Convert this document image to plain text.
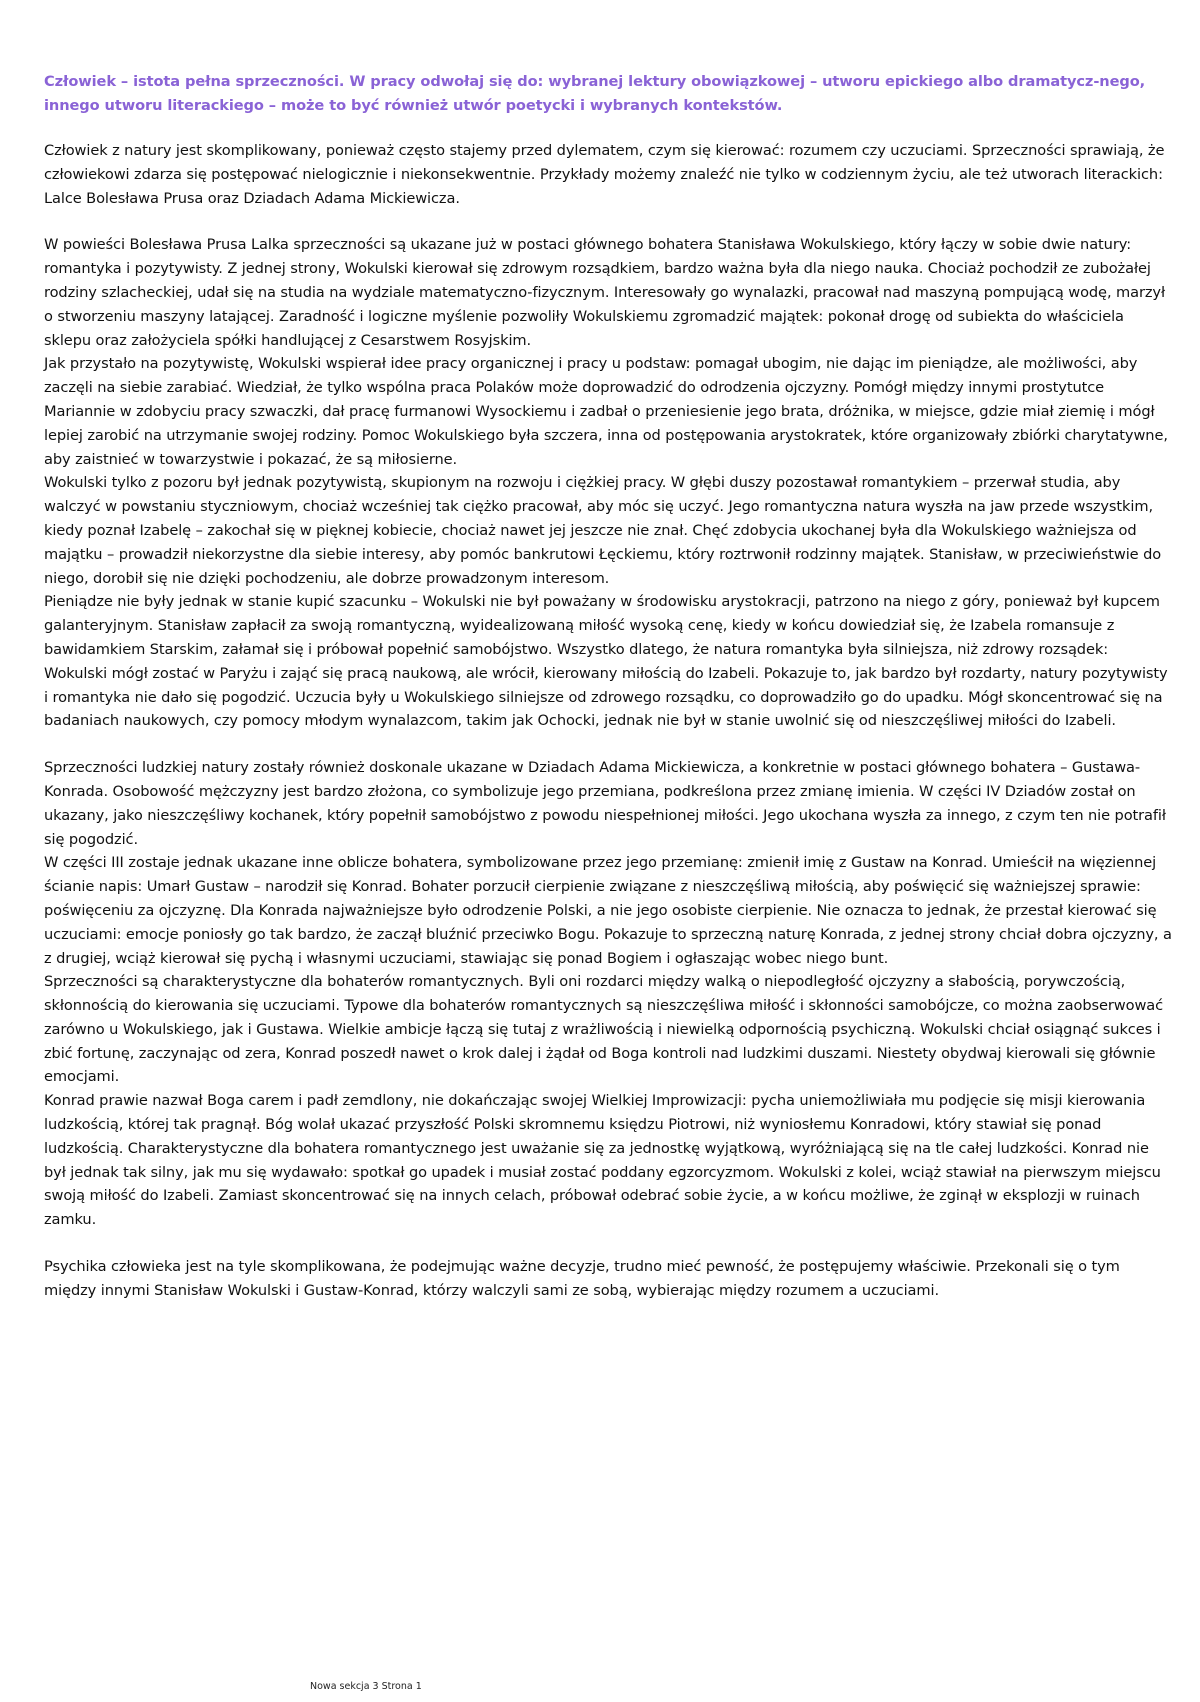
Człowiek – istota pełna sprzeczności. W pracy odwołaj się do: wybranej lektury obowiązkowej – utworu epickiego albo dramatycz-nego, innego utworu literackiego – może to być również utwór poetycki i wybranych kontekstów.

Człowiek z natury jest skomplikowany, ponieważ często stajemy przed dylematem, czym się kierować: rozumem czy uczuciami. Sprzeczności sprawiają, że człowiekowi zdarza się postępować nielogicznie i niekonsekwentnie. Przykłady możemy znaleźć nie tylko w codziennym życiu, ale też utworach literackich: Lalce Bolesława Prusa oraz Dziadach Adama Mickiewicza.

W powieści Bolesława Prusa Lalka sprzeczności są ukazane już w postaci głównego bohatera Stanisława Wokulskiego, który łączy w sobie dwie natury: romantyka i pozytywisty. Z jednej strony, Wokulski kierował się zdrowym rozsądkiem, bardzo ważna była dla niego nauka. Chociaż pochodził ze zubożałej rodziny szlacheckiej, udał się na studia na wydziale matematyczno-fizycznym. Interesowały go wynalazki, pracował nad maszyną pompującą wodę, marzył o stworzeniu maszyny latającej. Zaradność i logiczne myślenie pozwoliły Wokulskiemu zgromadzić majątek: pokonał drogę od subiekta do właściciela sklepu oraz założyciela spółki handlującej z Cesarstwem Rosyjskim.

Jak przystało na pozytywistę, Wokulski wspierał idee pracy organicznej i pracy u podstaw: pomagał ubogim, nie dając im pieniądze, ale możliwości, aby zaczęli na siebie zarabiać. Wiedział, że tylko wspólna praca Polaków może doprowadzić do odrodzenia ojczyzny. Pomógł między innymi prostytutce Mariannie w zdobyciu pracy szwaczki, dał pracę furmanowi Wysockiemu i zadbał o przeniesienie jego brata, dróżnika, w miejsce, gdzie miał ziemię i mógł lepiej zarobić na utrzymanie swojej rodziny. Pomoc Wokulskiego była szczera, inna od postępowania arystokratek, które organizowały zbiórki charytatywne, aby zaistnieć w towarzystwie i pokazać, że są miłosierne.

Wokulski tylko z pozoru był jednak pozytywistą, skupionym na rozwoju i ciężkiej pracy. W głębi duszy pozostawał romantykiem – przerwał studia, aby walczyć w powstaniu styczniowym, chociaż wcześniej tak ciężko pracował, aby móc się uczyć. Jego romantyczna natura wyszła na jaw przede wszystkim, kiedy poznał Izabelę – zakochał się w pięknej kobiecie, chociaż nawet jej jeszcze nie znał. Chęć zdobycia ukochanej była dla Wokulskiego ważniejsza od majątku – prowadził niekorzystne dla siebie interesy, aby pomóc bankrutowi Łęckiemu, który roztrwonił rodzinny majątek. Stanisław, w przeciwieństwie do niego, dorobił się nie dzięki pochodzeniu, ale dobrze prowadzonym interesom.

Pieniądze nie były jednak w stanie kupić szacunku – Wokulski nie był poważany w środowisku arystokracji, patrzono na niego z góry, ponieważ był kupcem galanteryjnym. Stanisław zapłacił za swoją romantyczną, wyidealizowaną miłość wysoką cenę, kiedy w końcu dowiedział się, że Izabela romansuje z bawidamkiem Starskim, załamał się i próbował popełnić samobójstwo. Wszystko dlatego, że natura romantyka była silniejsza, niż zdrowy rozsądek: Wokulski mógł zostać w Paryżu i zająć się pracą naukową, ale wrócił, kierowany miłością do Izabeli. Pokazuje to, jak bardzo był rozdarty, natury pozytywisty i romantyka nie dało się pogodzić. Uczucia były u Wokulskiego silniejsze od zdrowego rozsądku, co doprowadziło go do upadku. Mógł skoncentrować się na badaniach naukowych, czy pomocy młodym wynalazcom, takim jak Ochocki, jednak nie był w stanie uwolnić się od nieszczęśliwej miłości do Izabeli.

Sprzeczności ludzkiej natury zostały również doskonale ukazane w Dziadach Adama Mickiewicza, a konkretnie w postaci głównego bohatera – Gustawa-Konrada. Osobowość mężczyzny jest bardzo złożona, co symbolizuje jego przemiana, podkreślona przez zmianę imienia. W części IV Dziadów został on ukazany, jako nieszczęśliwy kochanek, który popełnił samobójstwo z powodu niespełnionej miłości. Jego ukochana wyszła za innego, z czym ten nie potrafił się pogodzić.

W części III zostaje jednak ukazane inne oblicze bohatera, symbolizowane przez jego przemianę: zmienił imię z Gustaw na Konrad. Umieścił na więziennej ścianie napis: Umarł Gustaw – narodził się Konrad. Bohater porzucił cierpienie związane z nieszczęśliwą miłością, aby poświęcić się ważniejszej sprawie: poświęceniu za ojczyznę. Dla Konrada najważniejsze było odrodzenie Polski, a nie jego osobiste cierpienie. Nie oznacza to jednak, że przestał kierować się uczuciami: emocje poniosły go tak bardzo, że zaczął bluźnić przeciwko Bogu. Pokazuje to sprzeczną naturę Konrada, z jednej strony chciał dobra ojczyzny, a z drugiej, wciąż kierował się pychą i własnymi uczuciami, stawiając się ponad Bogiem i ogłaszając wobec niego bunt.

Sprzeczności są charakterystyczne dla bohaterów romantycznych. Byli oni rozdarci między walką o niepodległość ojczyzny a słabością, porywczością, skłonnością do kierowania się uczuciami. Typowe dla bohaterów romantycznych są nieszczęśliwa miłość i skłonności samobójcze, co można zaobserwować zarówno u Wokulskiego, jak i Gustawa. Wielkie ambicje łączą się tutaj z wrażliwością i niewielką odpornością psychiczną. Wokulski chciał osiągnąć sukces i zbić fortunę, zaczynając od zera, Konrad poszedł nawet o krok dalej i żądał od Boga kontroli nad ludzkimi duszami. Niestety obydwaj kierowali się głównie emocjami.

Konrad prawie nazwał Boga carem i padł zemdlony, nie dokańczając swojej Wielkiej Improwizacji: pycha uniemożliwiała mu podjęcie się misji kierowania ludzkością, której tak pragnął. Bóg wolał ukazać przyszłość Polski skromnemu księdzu Piotrowi, niż wyniosłemu Konradowi, który stawiał się ponad ludzkością. Charakterystyczne dla bohatera romantycznego jest uważanie się za jednostkę wyjątkową, wyróżniającą się na tle całej ludzkości. Konrad nie był jednak tak silny, jak mu się wydawało: spotkał go upadek i musiał zostać poddany egzorcyzmom. Wokulski z kolei, wciąż stawiał na pierwszym miejscu swoją miłość do Izabeli. Zamiast skoncentrować się na innych celach, próbował odebrać sobie życie, a w końcu możliwe, że zginął w eksplozji w ruinach zamku.

Psychika człowieka jest na tyle skomplikowana, że podejmując ważne decyzje, trudno mieć pewność, że postępujemy właściwie. Przekonali się o tym między innymi Stanisław Wokulski i Gustaw-Konrad, którzy walczyli sami ze sobą, wybierając między rozumem a uczuciami.

Nowa sekcja 3 Strona 1
